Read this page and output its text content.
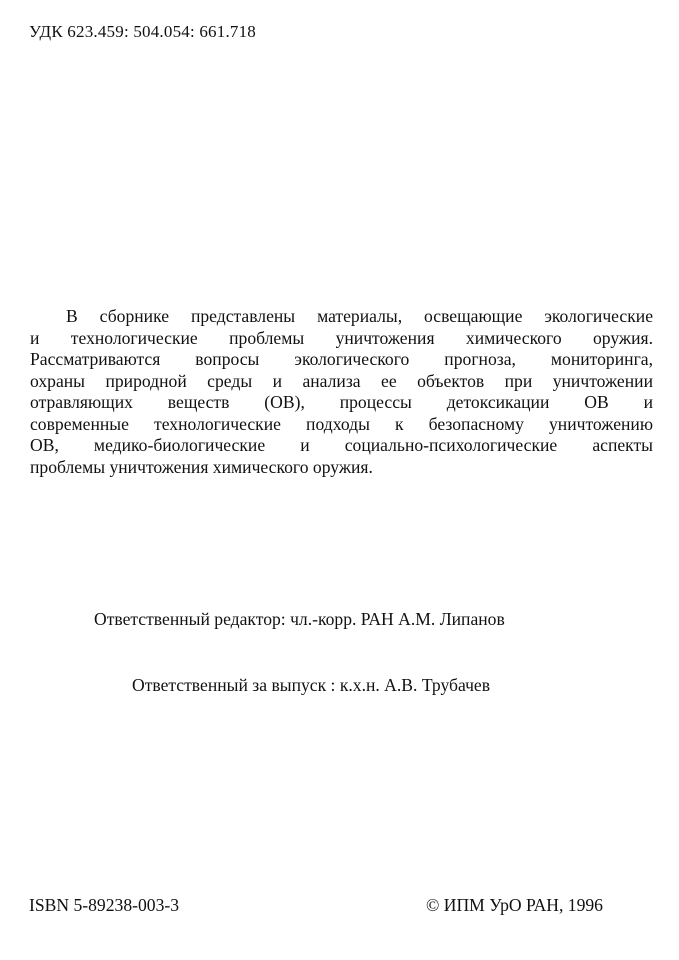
УДК 623.459: 504.054: 661.718
В сборнике представлены материалы, освещающие экологические
и технологические проблемы уничтожения химического оружия.
Рассматриваются вопросы экологического прогноза, мониторинга,
охраны природной среды и анализа ее объектов при уничтожении
отравляющих веществ (ОВ), процессы детоксикации ОВ и
современные технологические подходы к безопасному уничтожению
ОВ, медико-биологические и социально-психологические аспекты
проблемы уничтожения химического оружия.
Ответственный редактор: чл.-корр. РАН А.М. Липанов
Ответственный за выпуск : к.х.н. А.В. Трубачев
ISBN 5-89238-003-3	© ИПМ УрО РАН, 1996
